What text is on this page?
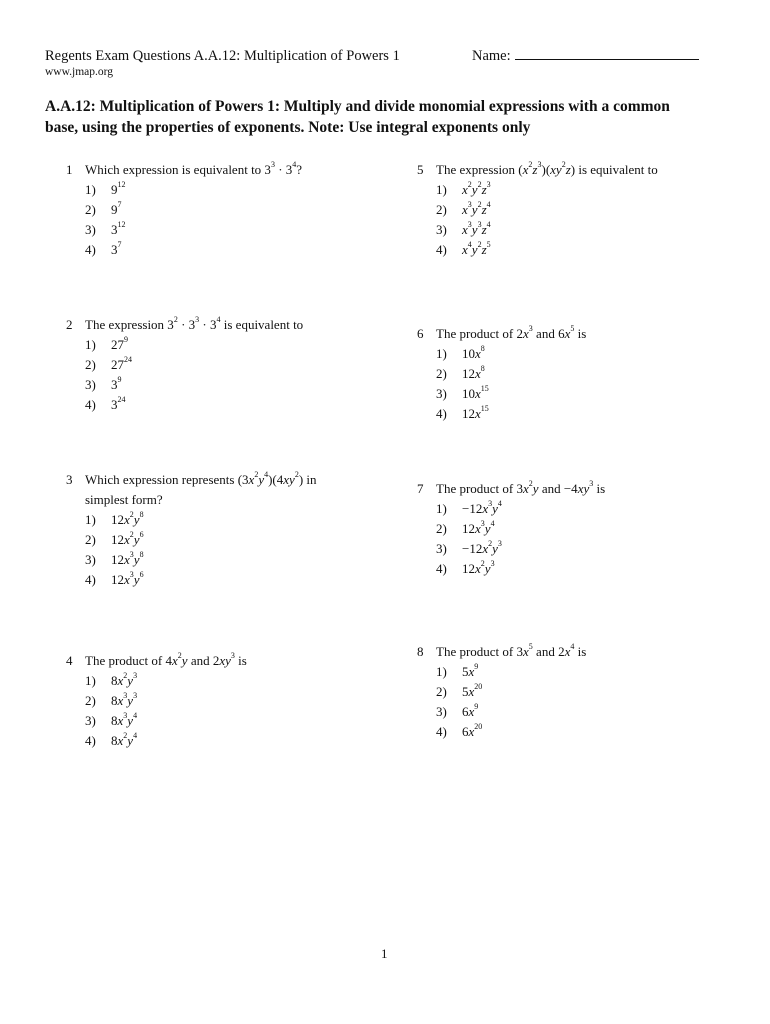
Regents Exam Questions A.A.12: Multiplication of Powers 1	Name:
www.jmap.org
A.A.12: Multiplication of Powers 1: Multiply and divide monomial expressions with a common
base, using the properties of exponents. Note: Use integral exponents only
1 Which expression is equivalent to $3^3 \cdot 3^4$?
1)	$9^{12}$
2)	$9^7$
3)	$3^{12}$
4)	$3^7$
2 The expression $3^2 \cdot 3^3 \cdot 3^4$ is equivalent to
1)	$27^9$
2)	$27^{24}$
3)	$3^9$
4)	$3^{24}$
3 Which expression represents $(3x^2y^4)(4xy^2)$ in
simplest form?
1)	$12x^2y^8$
2)	$12x^2y^6$
3)	$12x^3y^8$
4)	$12x^3y^6$
4 The product of $4x^2y$ and $2xy^3$ is
1)	$8x^2y^3$
2)	$8x^3y^3$
3)	$8x^3y^4$
4)	$8x^2y^4$
5 The expression $(x^2z^3)(xy^2z)$ is equivalent to
1)	$x^2y^2z^3$
2)	$x^3y^2z^4$
3)	$x^3y^3z^4$
4)	$x^4y^2z^5$
6 The product of $2x^3$ and $6x^5$ is
1)	$10x^8$
2)	$12x^8$
3)	$10x^{15}$
4)	$12x^{15}$
7 The product of $3x^2y$ and $-4xy^3$ is
1)	$-12x^3y^4$
2)	$12x^3y^4$
3)	$-12x^2y^3$
4)	$12x^2y^3$
8 The product of $3x^5$ and $2x^4$ is
1)	$5x^9$
2)	$5x^{20}$
3)	$6x^9$
4)	$6x^{20}$
1
